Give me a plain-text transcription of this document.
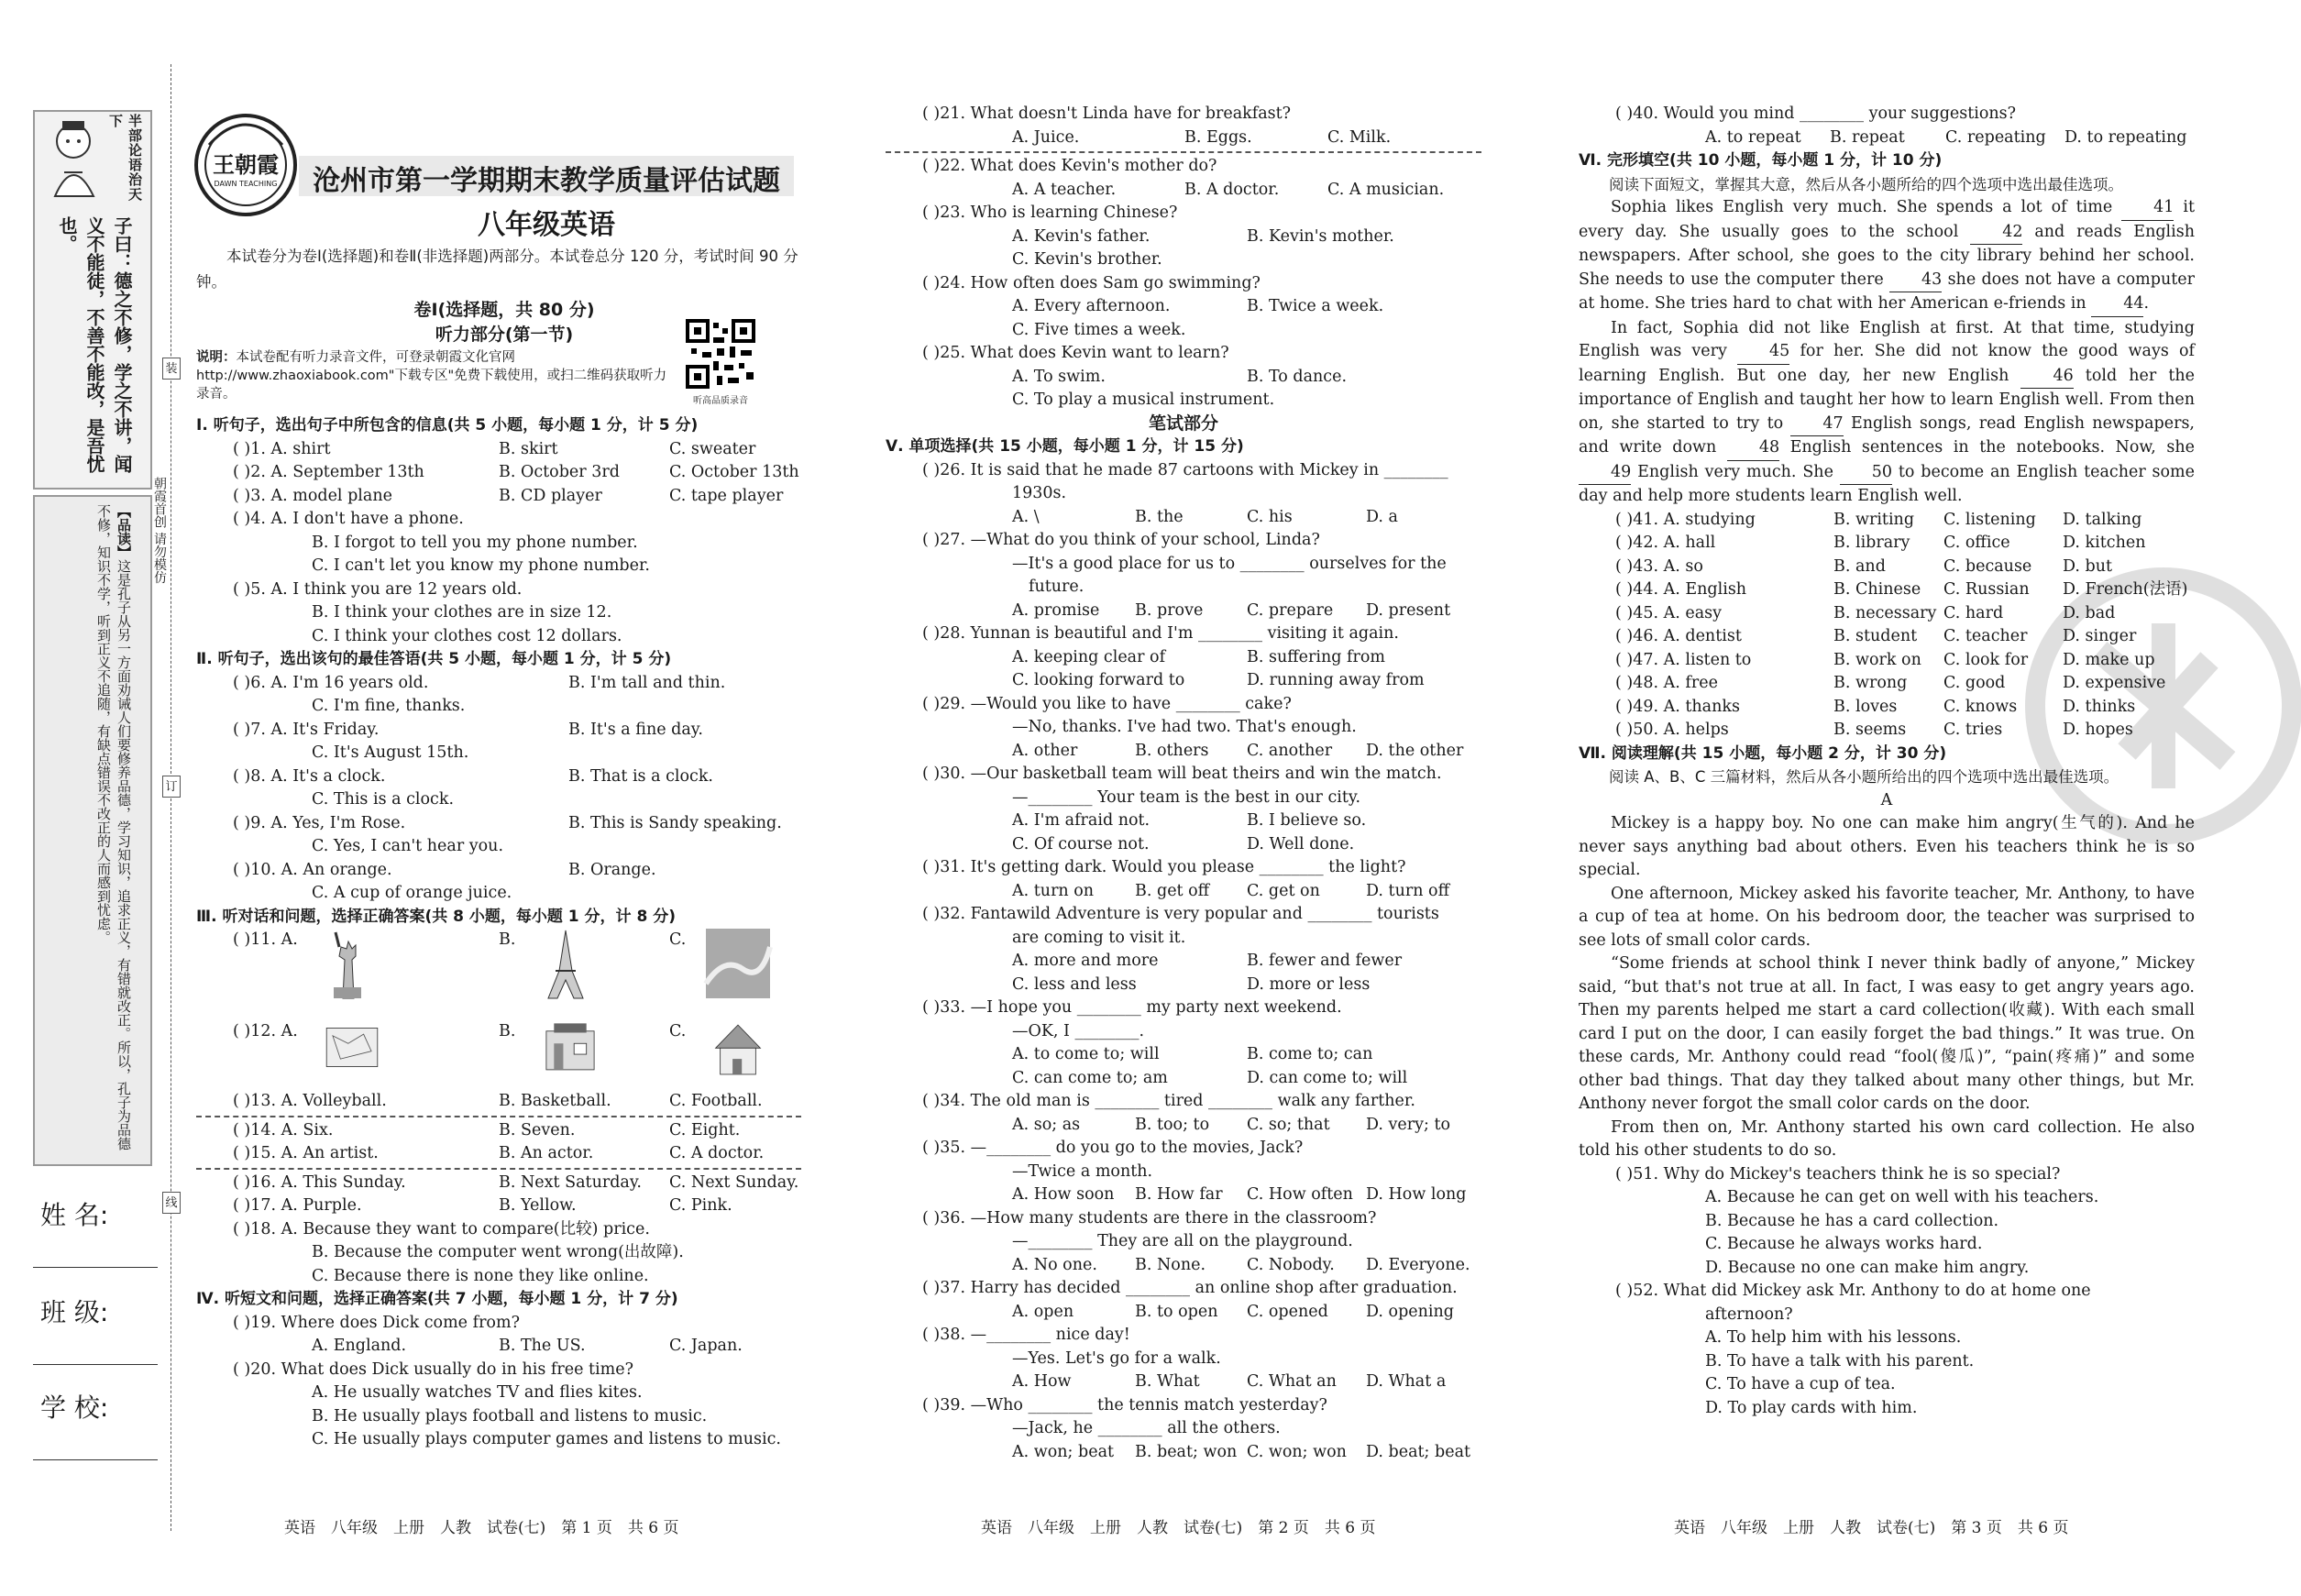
半部论语治天下
子曰：德之不修，学之不讲，闻义不能徒，不善不能改，是吾忧也。
【品读】这是孔子从另一方面劝诫人们要修养品德，学习知识，追求正义，有错就改正。所以，孔子为品德不修，知识不学，听到正义不追随，有缺点错误不改正的人而感到忧虑。	朝霞首创 请勿模仿
装
订
线
姓 名:
班 级:
学 校:
王朝霞
DAWN TEACHING	沧州市第一学期期末教学质量评估试题
八年级英语
本试卷分为卷Ⅰ(选择题)和卷Ⅱ(非选择题)两部分。本试卷总分 120 分，考试时间 90 分钟。
卷Ⅰ(选择题，共 80 分)
听力部分(第一节)
说明：本试卷配有听力录音文件，可登录朝霞文化官网 http://www.zhaoxiabook.com"下载专区"免费下载使用，或扫二维码获取听力录音。	听高品质录音

Ⅰ. 听句子，选出句子中所包含的信息(共 5 小题，每小题 1 分，计 5 分)

( )1. A. shirt	B. skirt	C. sweater

( )2. A. September 13th	B. October 3rd	C. October 13th

( )3. A. model plane	B. CD player	C. tape player

( )4. A. I don't have a phone.

B. I forgot to tell you my phone number.

C. I can't let you know my phone number.

( )5. A. I think you are 12 years old.

B. I think your clothes are in size 12.

C. I think your clothes cost 12 dollars.

Ⅱ. 听句子，选出该句的最佳答语(共 5 小题，每小题 1 分，计 5 分)

( )6. A. I'm 16 years old.	B. I'm tall and thin.

C. I'm fine, thanks.

( )7. A. It's Friday.	B. It's a fine day.

C. It's August 15th.

( )8. A. It's a clock.	B. That is a clock.

C. This is a clock.

( )9. A. Yes, I'm Rose.	B. This is Sandy speaking.

C. Yes, I can't hear you.

( )10. A. An orange.	B. Orange.

C. A cup of orange juice.

Ⅲ. 听对话和问题，选择正确答案(共 8 小题，每小题 1 分，计 8 分)

( )11. A.	B.	C.
( )12. A.	B.	C.

( )13. A. Volleyball.	B. Basketball.	C. Football.

( )14. A. Six.	B. Seven.	C. Eight.

( )15. A. An artist.	B. An actor.	C. A doctor.

( )16. A. This Sunday.	B. Next Saturday.	C. Next Sunday.

( )17. A. Purple.	B. Yellow.	C. Pink.

( )18. A. Because they want to compare(比较) price.

B. Because the computer went wrong(出故障).

C. Because there is none they like online.

Ⅳ. 听短文和问题，选择正确答案(共 7 小题，每小题 1 分，计 7 分)

( )19. Where does Dick come from?

A. England.	B. The US.	C. Japan.

( )20. What does Dick usually do in his free time?

A. He usually watches TV and flies kites.

B. He usually plays football and listens to music.

C. He usually plays computer games and listens to music.

英语　八年级　上册　人教　试卷(七)　第 1 页　共 6 页

( )21. What doesn't Linda have for breakfast?

A. Juice.	B. Eggs.	C. Milk.

( )22. What does Kevin's mother do?

A. A teacher.	B. A doctor.	C. A musician.

( )23. Who is learning Chinese?

A. Kevin's father.	B. Kevin's mother.

C. Kevin's brother.

( )24. How often does Sam go swimming?

A. Every afternoon.	B. Twice a week.

C. Five times a week.

( )25. What does Kevin want to learn?

A. To swim.	B. To dance.

C. To play a musical instrument.

笔试部分

Ⅴ. 单项选择(共 15 小题，每小题 1 分，计 15 分)

( )26. It is said that he made 87 cartoons with Mickey in ________

1930s.

A. \	B. the	C. his	D. a

( )27. —What do you think of your school, Linda?

—It's a good place for us to ________ ourselves for the

future.

A. promise	B. prove	C. prepare	D. present

( )28. Yunnan is beautiful and I'm ________ visiting it again.

A. keeping clear of	B. suffering from

C. looking forward to	D. running away from

( )29. —Would you like to have ________ cake?

—No, thanks. I've had two. That's enough.

A. other	B. others	C. another	D. the other

( )30. —Our basketball team will beat theirs and win the match.

—________ Your team is the best in our city.

A. I'm afraid not.	B. I believe so.

C. Of course not.	D. Well done.

( )31. It's getting dark. Would you please ________ the light?

A. turn on	B. get off	C. get on	D. turn off

( )32. Fantawild Adventure is very popular and ________ tourists

are coming to visit it.

A. more and more	B. fewer and fewer

C. less and less	D. more or less

( )33. —I hope you ________ my party next weekend.

—OK, I ________.

A. to come to; will	B. come to; can

C. can come to; am	D. can come to; will

( )34. The old man is ________ tired ________ walk any farther.

A. so; as	B. too; to	C. so; that	D. very; to

( )35. —________ do you go to the movies, Jack?

—Twice a month.

A. How soon	B. How far	C. How often D. How long

( )36. —How many students are there in the classroom?

—________ They are all on the playground.

A. No one.	B. None.	C. Nobody.	D. Everyone.

( )37. Harry has decided ________ an online shop after graduation.

A. open	B. to open	C. opened	D. opening

( )38. —________ nice day!

—Yes. Let's go for a walk.

A. How	B. What	C. What an	D. What a

( )39. —Who ________ the tennis match yesterday?

—Jack, he ________ all the others.

A. won; beat	B. beat; won C. won; won	D. beat; beat

英语　八年级　上册　人教　试卷(七)　第 2 页　共 6 页

( )40. Would you mind ________ your suggestions?

A. to repeat	B. repeat	C. repeating	D. to repeating

Ⅵ. 完形填空(共 10 小题，每小题 1 分，计 10 分)

阅读下面短文，掌握其大意，然后从各小题所给的四个选项中选出最佳选项。

Sophia likes English very much. She spends a lot of time 41 it every day. She usually goes to the school 42 and reads English newspapers. After school, she goes to the city library behind her school. She needs to use the computer there 43 she does not have a computer at home. She tries hard to chat with her American e-friends in 44.

In fact, Sophia did not like English at first. At that time, studying English was very 45 for her. She did not know the good ways of learning English. But one day, her new English 46 told her the importance of English and taught her how to learn English well. From then on, she started to try to 47 English songs, read English newspapers, and write down 48 English sentences in the notebooks. Now, she 49 English very much. She 50 to become an English teacher some day and help more students learn English well.

( )41. A. studying	B. writing	C. listening	D. talking

( )42. A. hall	B. library	C. office	D. kitchen

( )43. A. so	B. and	C. because	D. but

( )44. A. English	B. Chinese	C. Russian	D. French(法语)

( )45. A. easy	B. necessary C. hard	D. bad

( )46. A. dentist	B. student	C. teacher	D. singer

( )47. A. listen to	B. work on	C. look for	D. make up

( )48. A. free	B. wrong	C. good	D. expensive

( )49. A. thanks	B. loves	C. knows	D. thinks

( )50. A. helps	B. seems	C. tries	D. hopes

Ⅶ. 阅读理解(共 15 小题，每小题 2 分，计 30 分)

阅读 A、B、C 三篇材料，然后从各小题所给出的四个选项中选出最佳选项。

A

Mickey is a happy boy. No one can make him angry(生气的). And he never says anything bad about others. Even his teachers think he is so special.

One afternoon, Mickey asked his favorite teacher, Mr. Anthony, to have a cup of tea at home. On his bedroom door, the teacher was surprised to see lots of small color cards.

“Some friends at school think I never think badly of anyone,” Mickey said, “but that's not true at all. In fact, I was easy to get angry years ago. Then my parents helped me start a card collection(收藏). With each small card I put on the door, I can easily forget the bad things.” It was true. On these cards, Mr. Anthony could read “fool(傻瓜)”, “pain(疼痛)” and some other bad things. That day they talked about many other things, but Mr. Anthony never forgot the small color cards on the door.

From then on, Mr. Anthony started his own card collection. He also told his other students to do so.

( )51. Why do Mickey's teachers think he is so special?

A. Because he can get on well with his teachers.

B. Because he has a card collection.

C. Because he always works hard.

D. Because no one can make him angry.

( )52. What did Mickey ask Mr. Anthony to do at home one

afternoon?

A. To help him with his lessons.

B. To have a talk with his parent.

C. To have a cup of tea.

D. To play cards with him.

英语　八年级　上册　人教　试卷(七)　第 3 页　共 6 页
